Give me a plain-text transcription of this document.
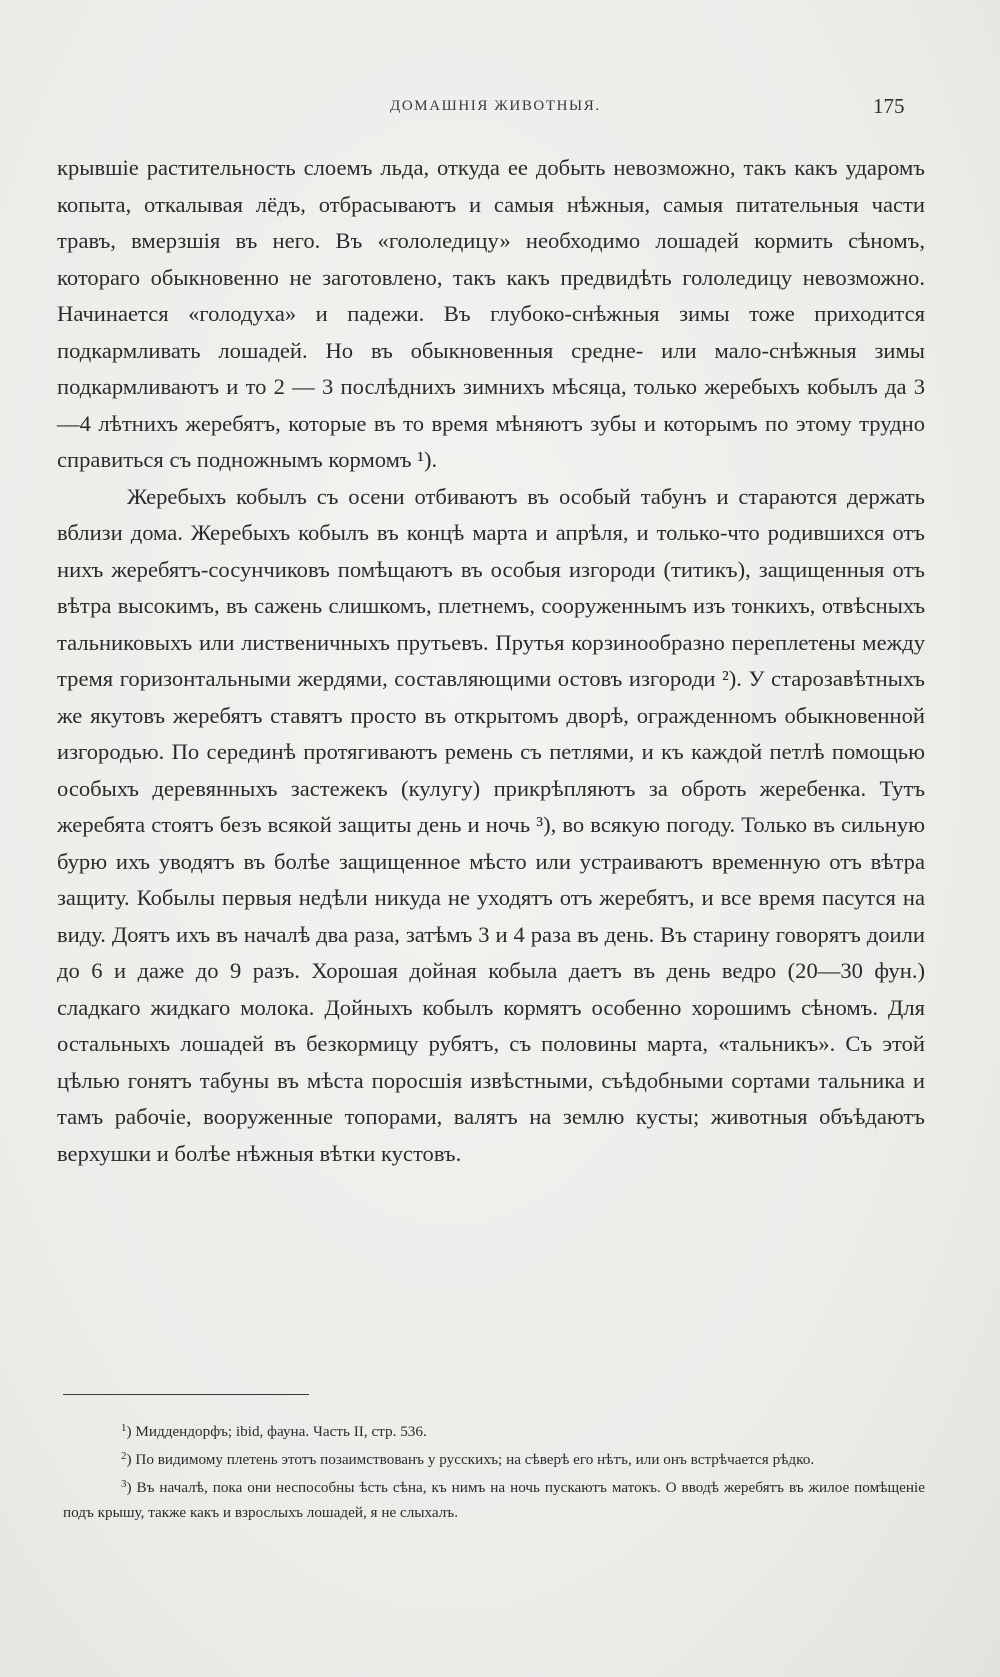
ДОМАШНІЯ ЖИВОТНЫЯ.	175

крывшіе растительность слоемъ льда, откуда ее добыть невозможно, такъ какъ ударомъ копыта, откалывая лёдъ, отбрасываютъ и самыя нѣжныя, самыя питательныя части травъ, вмерзшія въ него. Въ «гололедицу» необходимо лошадей кормить сѣномъ, котораго обыкновенно не заготовлено, такъ какъ предвидѣть гололедицу невозможно. Начинается «голодуха» и падежи. Въ глубоко-снѣжныя зимы тоже приходится подкармливать лошадей. Но въ обыкновенныя средне- или мало-снѣжныя зимы подкармливаютъ и то 2 — 3 послѣднихъ зимнихъ мѣсяца, только жеребыхъ кобылъ да 3—4 лѣтнихъ жеребятъ, которые въ то время мѣняютъ зубы и которымъ по этому трудно справиться съ подножнымъ кормомъ ¹).

Жеребыхъ кобылъ съ осени отбиваютъ въ особый табунъ и стараются держать вблизи дома. Жеребыхъ кобылъ въ концѣ марта и апрѣля, и только-что родившихся отъ нихъ жеребятъ-сосунчиковъ помѣщаютъ въ особыя изгороди (титикъ), защищенныя отъ вѣтра высокимъ, въ сажень слишкомъ, плетнемъ, сооруженнымъ изъ тонкихъ, отвѣсныхъ тальниковыхъ или лиственичныхъ прутьевъ. Прутья корзинообразно переплетены между тремя горизонтальными жердями, составляющими остовъ изгороди ²). У старозавѣтныхъ же якутовъ жеребятъ ставятъ просто въ открытомъ дворѣ, огражденномъ обыкновенной изгородью. По серединѣ протягиваютъ ремень съ петлями, и къ каждой петлѣ помощью особыхъ деревянныхъ застежекъ (кулугу) прикрѣпляютъ за оброть жеребенка. Тутъ жеребята стоятъ безъ всякой защиты день и ночь ³), во всякую погоду. Только въ сильную бурю ихъ уводятъ въ болѣе защищенное мѣсто или устраиваютъ временную отъ вѣтра защиту. Кобылы первыя недѣли никуда не уходятъ отъ жеребятъ, и все время пасутся на виду. Доятъ ихъ въ началѣ два раза, затѣмъ 3 и 4 раза въ день. Въ старину говорятъ доили до 6 и даже до 9 разъ. Хорошая дойная кобыла даетъ въ день ведро (20—30 фун.) сладкаго жидкаго молока. Дойныхъ кобылъ кормятъ особенно хорошимъ сѣномъ. Для остальныхъ лошадей въ безкормицу рубятъ, съ половины марта, «тальникъ». Съ этой цѣлью гонятъ табуны въ мѣста поросшія извѣстными, съѣдобными сортами тальника и тамъ рабочіе, вооруженные топорами, валятъ на землю кусты; животныя объѣдаютъ верхушки и болѣе нѣжныя вѣтки кустовъ.

$^1$) Миддендорфъ; ibid, фауна. Часть II, стр. 536.

$^2$) По видимому плетень этотъ позаимствованъ у русскихъ; на сѣверѣ его нѣтъ, или онъ встрѣчается рѣдко.

$^3$) Въ началѣ, пока они неспособны ѣсть сѣна, къ нимъ на ночь пускаютъ матокъ. О вводѣ жеребятъ въ жилое помѣщеніе подъ крышу, также какъ и взрослыхъ лошадей, я не слыхалъ.
